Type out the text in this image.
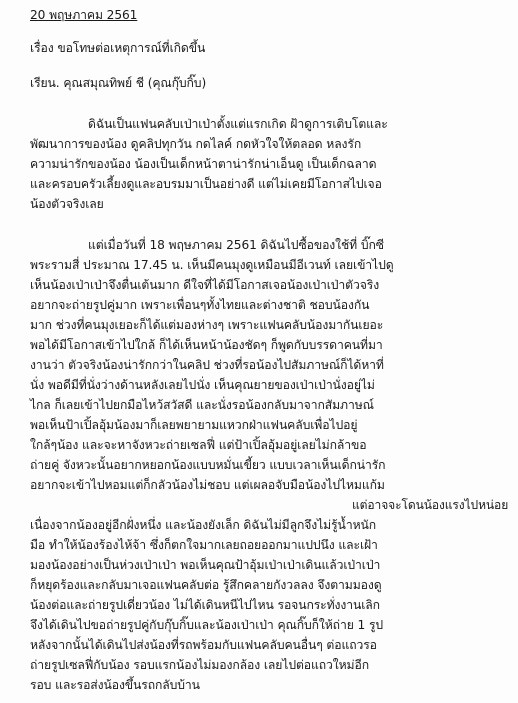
20 พฤษภาคม 2561
เรื่อง ขอโทษต่อเหตุการณ์ที่เกิดขึ้น
เรียน. คุณสมุณทิพย์ ชี (คุณกุ๊บกิ๊บ)
ดิฉันเป็นแฟนคลับเป่าเป่าตั้งแต่แรกเกิด ฝ้าดูการเติบโตและ
พัฒนาการของน้อง ดูคลิปทุกวัน กดไลค์ กดหัวใจให้ตลอด หลงรัก
ความน่ารักของน้อง น้องเป็นเด็กหน้าตาน่ารักน่าเอ็นดู เป็นเด็กฉลาด
และครอบครัวเลี้ยงดูและอบรมมาเป็นอย่างดี แต่ไม่เคยมีโอกาสไปเจอ
น้องตัวจริงเลย
แต่เมื่อวันที่ 18 พฤษภาคม 2561 ดิฉันไปซื้อของใช้ที่ บิ๊กซี
พระรามสี่ ประมาณ 17.45 น. เห็นมีคนมุงดูเหมือนมีอีเวนท์ เลยเข้าไปดู
เห็นน้องเป่าเป่าจึงตื่นเต้นมาก ดีใจที่ได้มีโอกาสเจอน้องเป่าเป่าตัวจริง
อยากจะถ่ายรูปคู่มาก เพราะเพื่อนๆทั้งไทยและต่างชาติ ชอบน้องกัน
มาก ช่วงที่คนมุงเยอะก็ได้แต่มองห่างๆ เพราะแฟนคลับน้องมากันเยอะ
พอได้มีโอกาสเข้าไปใกล้ ก็ได้เห็นหน้าน้องชัดๆ ก็พูดกับบรรดาคนที่มา
งานว่า ตัวจริงน้องน่ารักกว่าในคลิป ช่วงที่รอน้องไปสัมภาษณ์ก็ได้หาที่
นั่ง พอดีมีที่นั่งว่างด้านหลังเลยไปนั่ง เห็นคุณยายของเป่าเป่านั่งอยู่ไม่
ไกล ก็เลยเข้าไปยกมือไหว้สวัสดี และนั่งรอน้องกลับมาจากสัมภาษณ์
พอเห็นป้าเปิ้ลอุ้มน้องมาก็เลยพยายามแหวกฝ่าแฟนคลับเพื่อไปอยู่
ใกล้ๆน้อง และจะหาจังหวะถ่ายเซลฟี่ แต่ป้าเปิ้ลอุ้มอยู่เลยไม่กล้าขอ
ถ่ายคู่ จังหวะนั้นอยากหยอกน้องแบบหมั่นเขี้ยว แบบเวลาเห็นเด็กน่ารัก
อยากจะเข้าไปหอมแต่ก็กลัวน้องไม่ชอบ แต่เผลอจับมือน้องไปไหมแก้ม
แต่อาจจะโดนน้องแรงไปหน่อย
เนื่องจากน้องอยู่อีกฝั่งหนึ่ง และน้องยังเล็ก ดิฉันไม่มีลูกจึงไม่รู้น้ำหนัก
มือ ทำให้น้องร้องไห้จ้า ซึ่งก็ตกใจมากเลยถอยออกมาแปปนึง และเฝ้า
มองน้องอย่างเป็นห่วงเป่าเป่า พอเห็นคุณป้าอุ้มเป่าเป่าเดินแล้วเป่าเป่า
ก็หยุดร้องและกลับมาเจอแฟนคลับต่อ รู้สึกคลายกังวลลง จึงตามมองดู
น้องต่อและถ่ายรูปเดี่ยวน้อง ไม่ได้เดินหนีไปไหน รอจนกระทั่งงานเลิก
จึงได้เดินไปขอถ่ายรูปคู่กับกุ๊บกิ๊บและน้องเป่าเป่า คุณกิ๊บก็ให้ถ่าย 1 รูป
หลังจากนั้นได้เดินไปส่งน้องที่รถพร้อมกับแฟนคลับคนอื่นๆ ต่อแถวรอ
ถ่ายรูปเซลฟี่กับน้อง รอบแรกน้องไม่มองกล้อง เลยไปต่อแถวใหม่อีก
รอบ และรอส่งน้องขึ้นรถกลับบ้าน
